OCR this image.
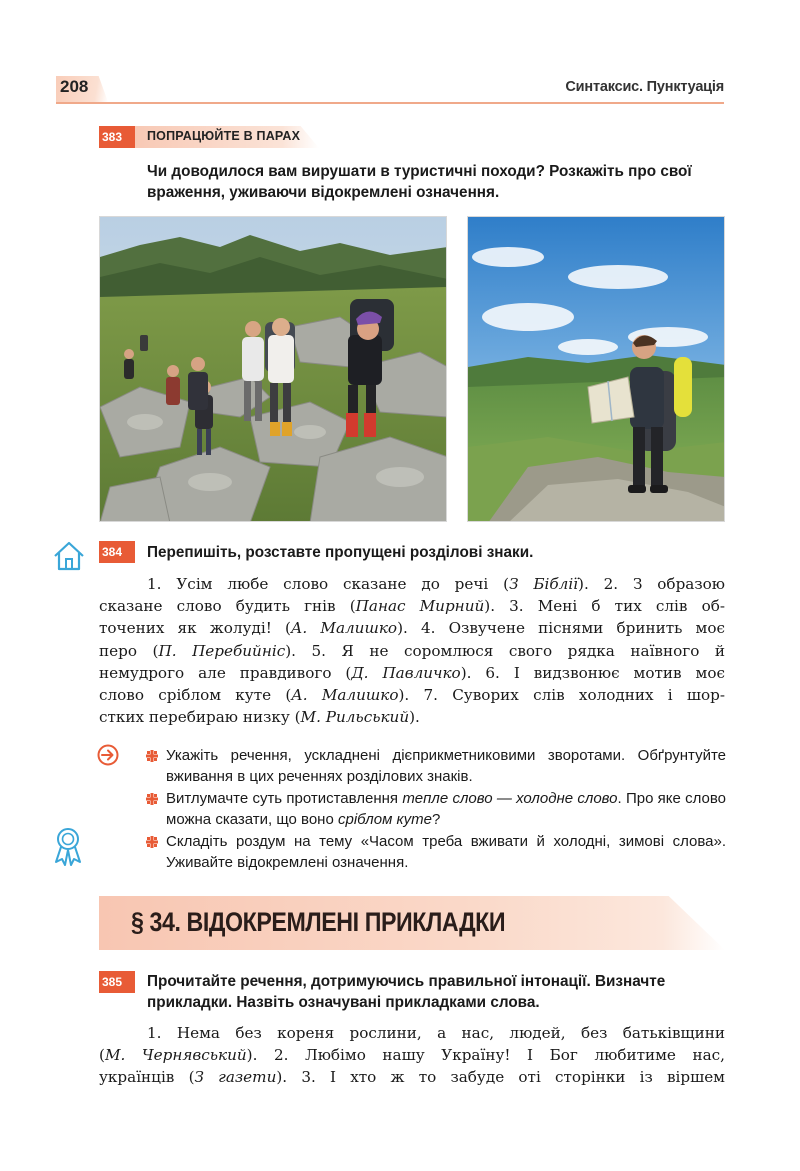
208	Синтаксис. Пунктуація
383	ПОПРАЦЮЙТЕ В ПАРАХ
Чи доводилося вам вирушати в туристичні походи? Розкажіть про свої враження, уживаючи відокремлені означення.
384	Перепишіть, розставте пропущені розділові знаки.
1. Усім любе слово сказане до речі (З Біблії). 2. З образою
сказане слово будить гнів (Панас Мирний). 3. Мені б тих слів об-
точених як жолуді! (А. Малишко). 4. Озвучене піснями бринить моє
перо (П. Перебийніс). 5. Я не соромлюся свого рядка наївного й
немудрого але правдивого (Д. Павличко). 6. І видзвонює мотив моє
слово сріблом куте (А. Малишко). 7. Суворих слів холодних і шор-
стких перебираю низку (М. Рильський).
Укажіть речення, ускладнені дієприкметниковими зворотами. Обґрунтуйте вживання в цих реченнях розділових знаків.
Витлумачте суть протиставлення тепле слово — холодне слово. Про яке слово можна сказати, що воно сріблом куте?
Складіть роздум на тему «Часом треба вживати й холодні, зимові слова». Уживайте відокремлені означення.
§ 34. ВІДОКРЕМЛЕНІ ПРИКЛАДКИ
385	Прочитайте речення, дотримуючись правильної інтонації. Визначте прикладки. Назвіть означувані прикладками слова.
1. Нема без кореня рослини, а нас, людей, без батьківщини
(М. Чернявський). 2. Любімо нашу Україну! І Бог любитиме нас,
українців (З газети). 3. І хто ж то забуде оті сторінки із віршем
